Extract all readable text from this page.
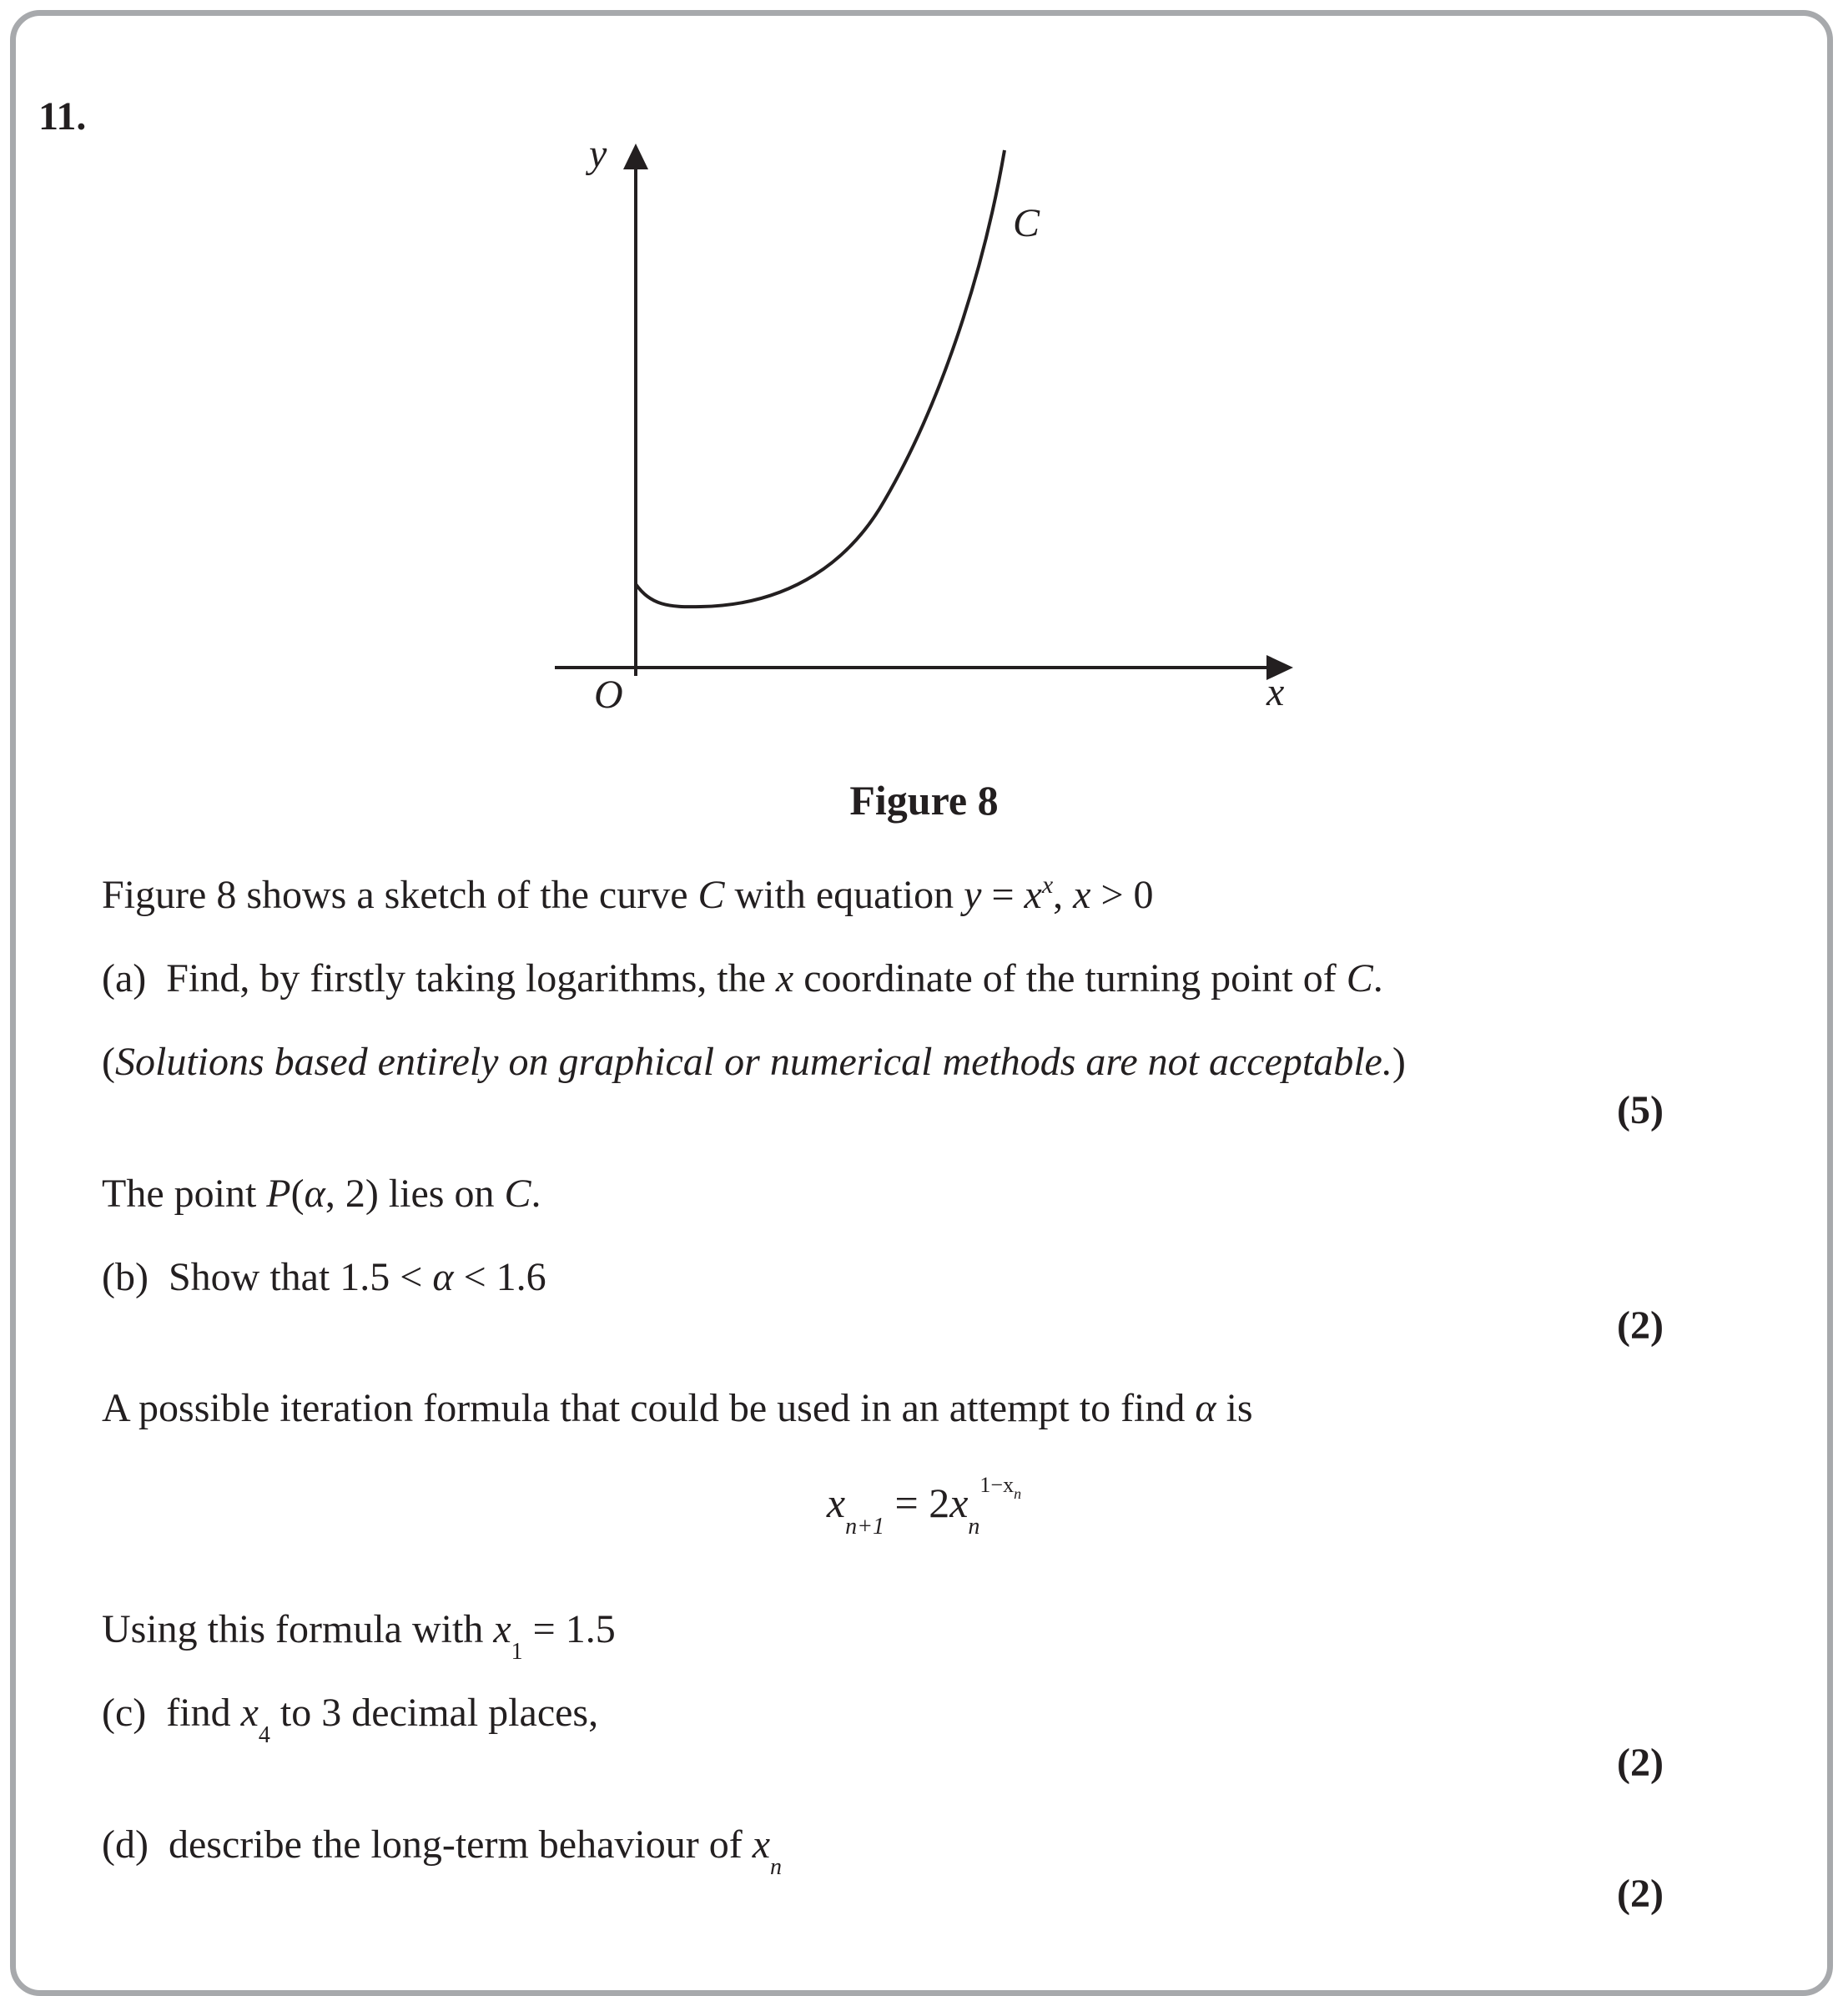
11.
y
x
O
C
Figure 8
Figure 8 shows a sketch of the curve C with equation $y = x^x$, x > 0
(a) Find, by firstly taking logarithms, the x coordinate of the turning point of C.
(Solutions based entirely on graphical or numerical methods are not acceptable.)
(5)
The point P(α, 2) lies on C.
(b) Show that 1.5 < α < 1.6
(2)
A possible iteration formula that could be used in an attempt to find α is
$x_{n+1} = 2x_n^{1-x_n}$
Using this formula with $x_1 = 1.5$
(c) find $x_4$ to 3 decimal places,
(2)
(d) describe the long-term behaviour of $x_n$
(2)
